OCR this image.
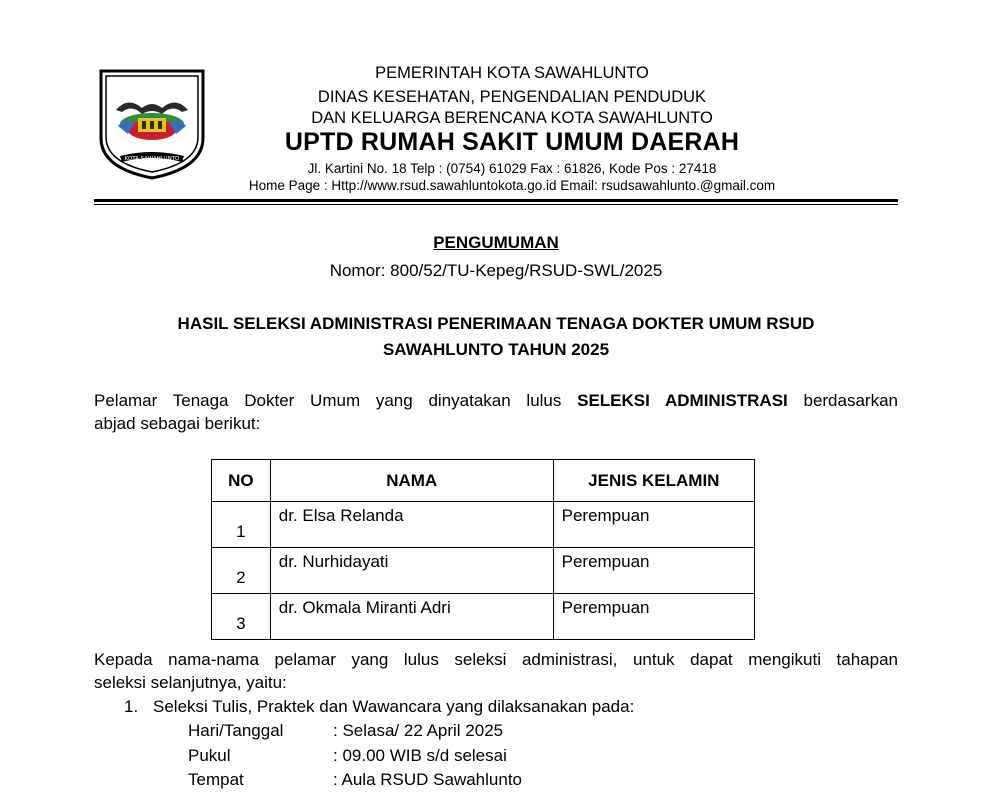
KOTA SAWAHLUNTO
PEMERINTAH KOTA SAWAHLUNTO
DINAS KESEHATAN, PENGENDALIAN PENDUDUK
DAN KELUARGA BERENCANA KOTA SAWAHLUNTO
UPTD RUMAH SAKIT UMUM DAERAH
Jl. Kartini No. 18 Telp : (0754) 61029 Fax : 61826, Kode Pos : 27418
Home Page : Http://www.rsud.sawahluntokota.go.id Email: rsudsawahlunto.@gmail.com
PENGUMUMAN
Nomor: 800/52/TU-Kepeg/RSUD-SWL/2025
HASIL SELEKSI ADMINISTRASI PENERIMAAN TENAGA DOKTER UMUM RSUD
SAWAHLUNTO TAHUN 2025
Pelamar Tenaga Dokter Umum yang dinyatakan lulus SELEKSI ADMINISTRASI berdasarkan
abjad sebagai berikut:
NO	NAMA	JENIS KELAMIN
1	dr. Elsa Relanda	Perempuan
2	dr. Nurhidayati	Perempuan
3	dr. Okmala Miranti Adri	Perempuan
Kepada nama-nama pelamar yang lulus seleksi administrasi, untuk dapat mengikuti tahapan
seleksi selanjutnya, yaitu:
1. Seleksi Tulis, Praktek dan Wawancara yang dilaksanakan pada:
Hari/Tanggal	: Selasa/ 22 April 2025
Pukul	: 09.00 WIB s/d selesai
Tempat	: Aula RSUD Sawahlunto
